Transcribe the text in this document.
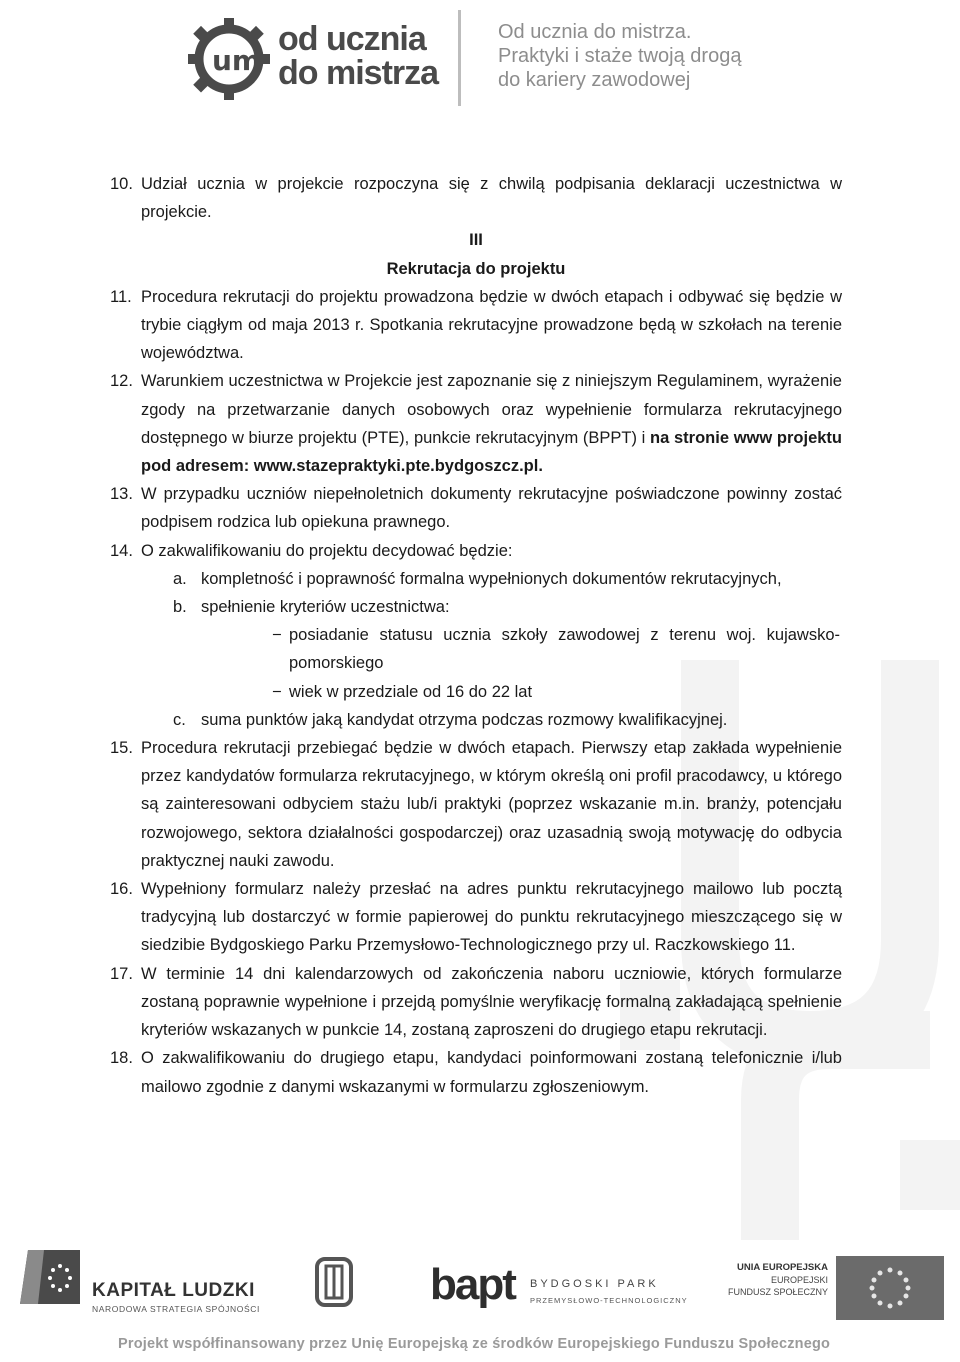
um
od ucznia
do mistrza
Od ucznia do mistrza.
Praktyki i staże twoją drogą
do kariery zawodowej
10. Udział ucznia w projekcie rozpoczyna się z chwilą podpisania deklaracji uczestnictwa w projekcie.
III
Rekrutacja do projektu
11. Procedura rekrutacji do projektu prowadzona będzie w dwóch etapach i odbywać się będzie w trybie ciągłym od maja 2013 r. Spotkania rekrutacyjne prowadzone będą w szkołach na terenie województwa.
12. Warunkiem uczestnictwa w Projekcie jest zapoznanie się z niniejszym Regulaminem, wyrażenie zgody na przetwarzanie danych osobowych oraz wypełnienie formularza rekrutacyjnego dostępnego w biurze projektu (PTE), punkcie rekrutacyjnym (BPPT) i na stronie www projektu pod adresem: www.stazepraktyki.pte.bydgoszcz.pl.
13. W przypadku uczniów niepełnoletnich dokumenty rekrutacyjne poświadczone powinny zostać podpisem rodzica lub opiekuna prawnego.
14. O zakwalifikowaniu do projektu decydować będzie:
a. kompletność i poprawność formalna wypełnionych dokumentów rekrutacyjnych,
b. spełnienie kryteriów uczestnictwa:
− posiadanie statusu ucznia szkoły zawodowej z terenu woj. kujawsko-pomorskiego
− wiek w przedziale od 16 do 22 lat
c. suma punktów jaką kandydat otrzyma podczas rozmowy kwalifikacyjnej.
15. Procedura rekrutacji przebiegać będzie w dwóch etapach. Pierwszy etap zakłada wypełnienie przez kandydatów formularza rekrutacyjnego, w którym określą oni profil pracodawcy, u którego są zainteresowani odbyciem stażu lub/i praktyki (poprzez wskazanie m.in. branży, potencjału rozwojowego, sektora działalności gospodarczej) oraz uzasadnią swoją motywację do odbycia praktycznej nauki zawodu.
16. Wypełniony formularz należy przesłać na adres punktu rekrutacyjnego mailowo lub pocztą tradycyjną lub dostarczyć w formie papierowej do punktu rekrutacyjnego mieszczącego się w siedzibie Bydgoskiego Parku Przemysłowo-Technologicznego przy ul. Raczkowskiego 11.
17. W terminie 14 dni kalendarzowych od zakończenia naboru uczniowie, których formularze zostaną poprawnie wypełnione i przejdą pomyślnie weryfikację formalną zakładającą spełnienie kryteriów wskazanych w punkcie 14, zostaną zaproszeni do drugiego etapu rekrutacji.
18. O zakwalifikowaniu do drugiego etapu, kandydaci poinformowani zostaną telefonicznie i/lub mailowo zgodnie z danymi wskazanymi w formularzu zgłoszeniowym.
KAPITAŁ LUDZKI
NARODOWA STRATEGIA SPÓJNOŚCI	bapt BYDGOSKI PARK
PRZEMYSŁOWO-TECHNOLOGICZNY
UNIA EUROPEJSKA
EUROPEJSKI
FUNDUSZ SPOŁECZNY
Projekt współfinansowany przez Unię Europejską ze środków Europejskiego Funduszu Społecznego
